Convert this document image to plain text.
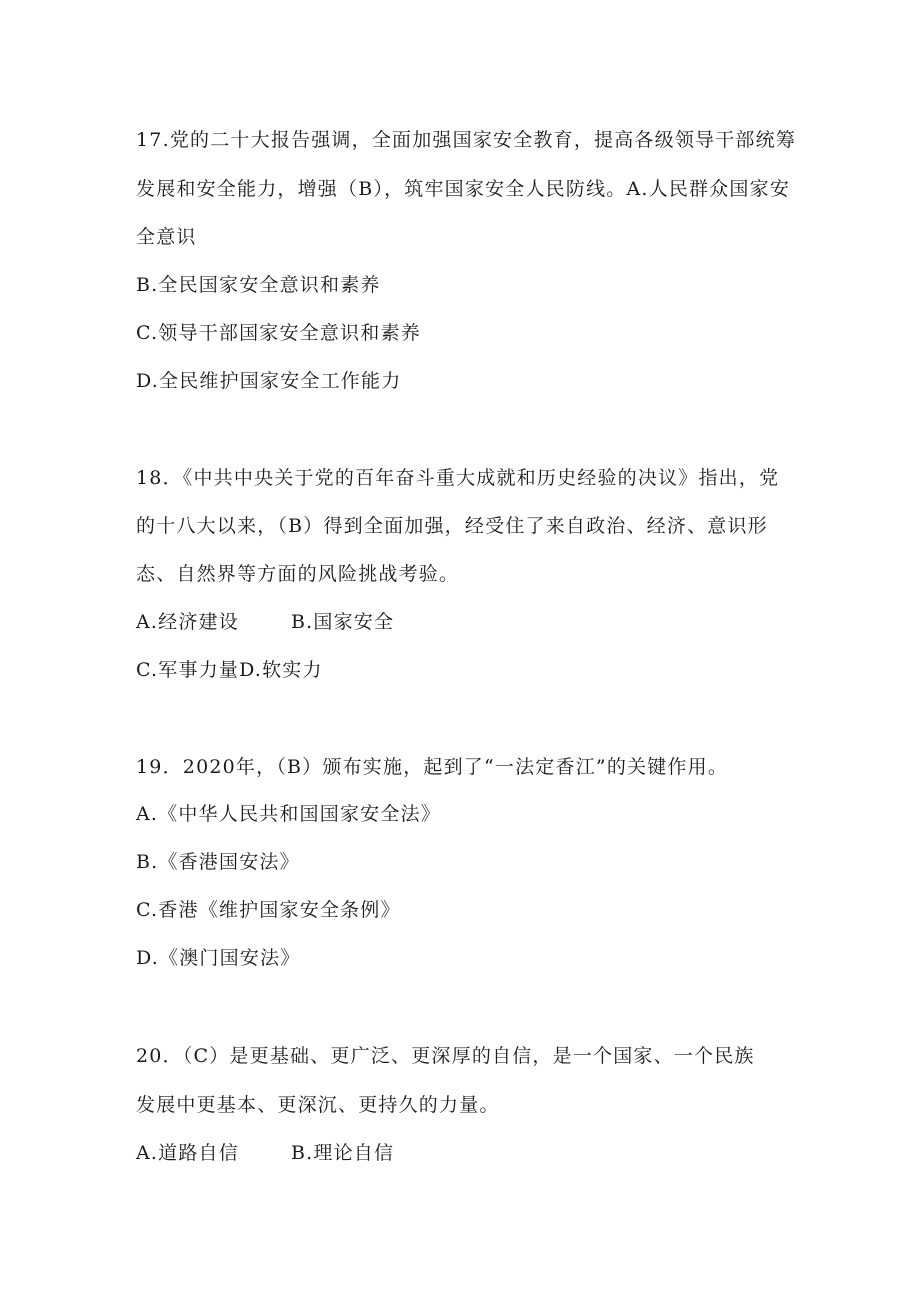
17.党的二十大报告强调，全面加强国家安全教育，提高各级领导干部统筹
发展和安全能力，增强（B），筑牢国家安全人民防线。A.人民群众国家安
全意识
B.全民国家安全意识和素养
C.领导干部国家安全意识和素养
D.全民维护国家安全工作能力
18．《中共中央关于党的百年奋斗重大成就和历史经验的决议》指出，党
的十八大以来，（B）得到全面加强，经受住了来自政治、经济、意识形
态、自然界等方面的风险挑战考验。
A.经济建设	B.国家安全
C.军事力量D.软实力
19．2020年，（B）颁布实施，起到了“一法定香江”的关键作用。
A.《中华人民共和国国家安全法》
B.《香港国安法》
C.香港《维护国家安全条例》
D.《澳门国安法》
20．（C）是更基础、更广泛、更深厚的自信，是一个国家、一个民族
发展中更基本、更深沉、更持久的力量。
A.道路自信	B.理论自信
